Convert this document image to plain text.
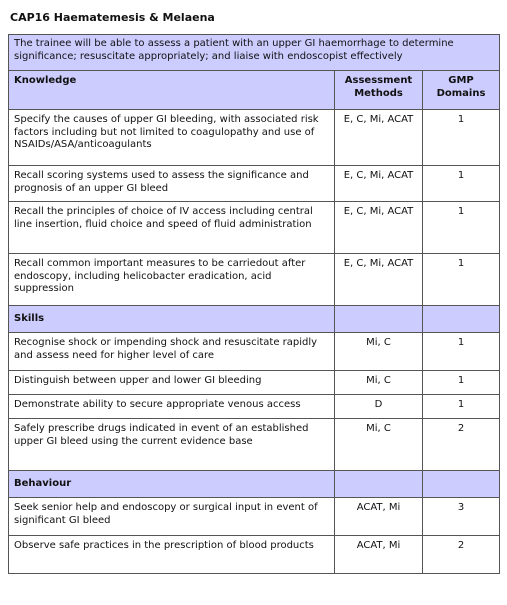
CAP16 Haematemesis & Melaena
The trainee will be able to assess a patient with an upper GI haemorrhage to determine significance; resuscitate appropriately; and liaise with endoscopist effectively		
Knowledge	Assessment Methods	GMP Domains
Specify the causes of upper GI bleeding, with associated risk factors including but not limited to coagulopathy and use of NSAIDs/ASA/anticoagulants	E, C, Mi, ACAT	1
Recall scoring systems used to assess the significance and prognosis of an upper GI bleed	E, C, Mi, ACAT	1
Recall the principles of choice of IV access including central line insertion, fluid choice and speed of fluid administration	E, C, Mi, ACAT	1
Recall common important measures to be carriedout after endoscopy, including helicobacter eradication, acid suppression	E, C, Mi, ACAT	1
Skills		
Recognise shock or impending shock and resuscitate rapidly and assess need for higher level of care	Mi, C	1
Distinguish between upper and lower GI bleeding	Mi, C	1
Demonstrate ability to secure appropriate venous access	D	1
Safely prescribe drugs indicated in event of an established upper GI bleed using the current evidence base	Mi, C	2
Behaviour		
Seek senior help and endoscopy or surgical input in event of significant GI bleed	ACAT, Mi	3
Observe safe practices in the prescription of blood products	ACAT, Mi	2
